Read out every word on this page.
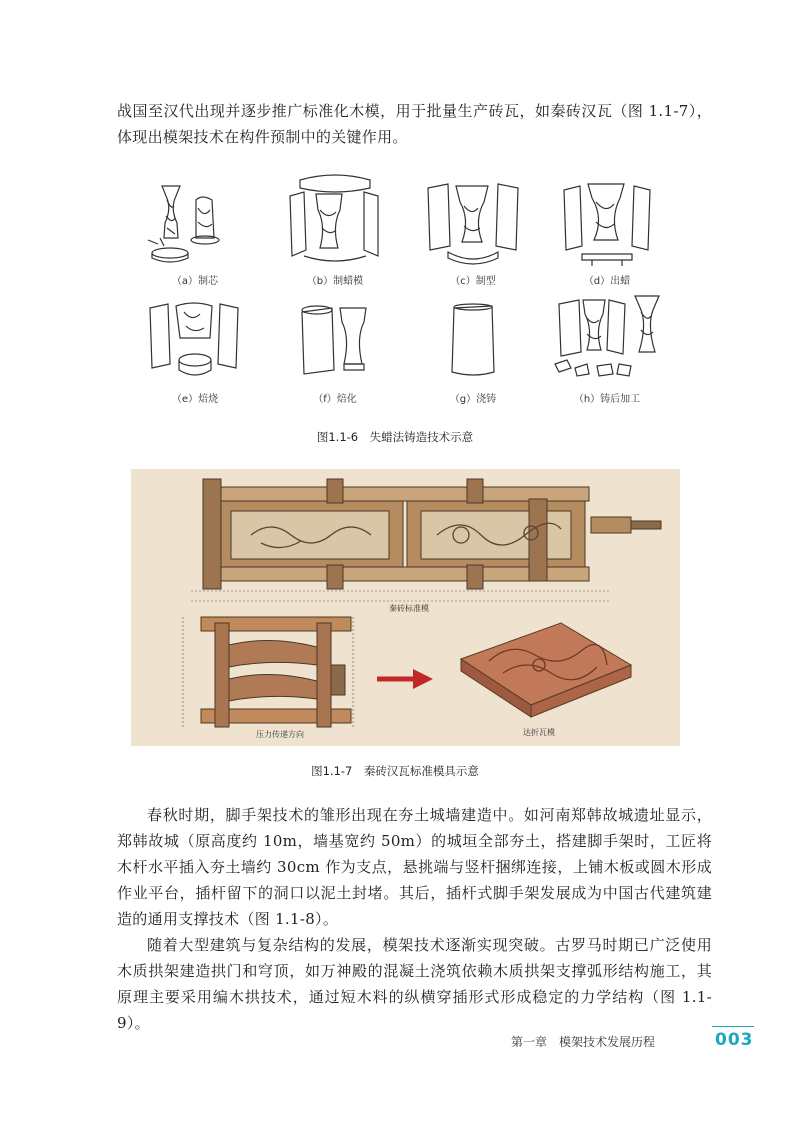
战国至汉代出现并逐步推广标准化木模，用于批量生产砖瓦，如秦砖汉瓦（图 1.1-7），体现出模架技术在构件预制中的关键作用。

（a）制芯	（b）制蜡模	（c）制型	（d）出蜡
（e）焙烧	（f）焙化	（g）浇铸	（h）铸后加工
图1.1-6　失蜡法铸造技术示意
秦砖标准模
压力传递方向	达折瓦模
图1.1-7　秦砖汉瓦标准模具示意

春秋时期，脚手架技术的雏形出现在夯土城墙建造中。如河南郑韩故城遗址显示，郑韩故城（原高度约 10m，墙基宽约 50m）的城垣全部夯土，搭建脚手架时，工匠将木杆水平插入夯土墙约 30cm 作为支点，悬挑端与竖杆捆绑连接，上铺木板或圆木形成作业平台，插杆留下的洞口以泥土封堵。其后，插杆式脚手架发展成为中国古代建筑建造的通用支撑技术（图 1.1-8）。

随着大型建筑与复杂结构的发展，模架技术逐渐实现突破。古罗马时期已广泛使用木质拱架建造拱门和穹顶，如万神殿的混凝土浇筑依赖木质拱架支撑弧形结构施工，其原理主要采用编木拱技术，通过短木料的纵横穿插形式形成稳定的力学结构（图 1.1-9）。

第一章　模架技术发展历程	003
